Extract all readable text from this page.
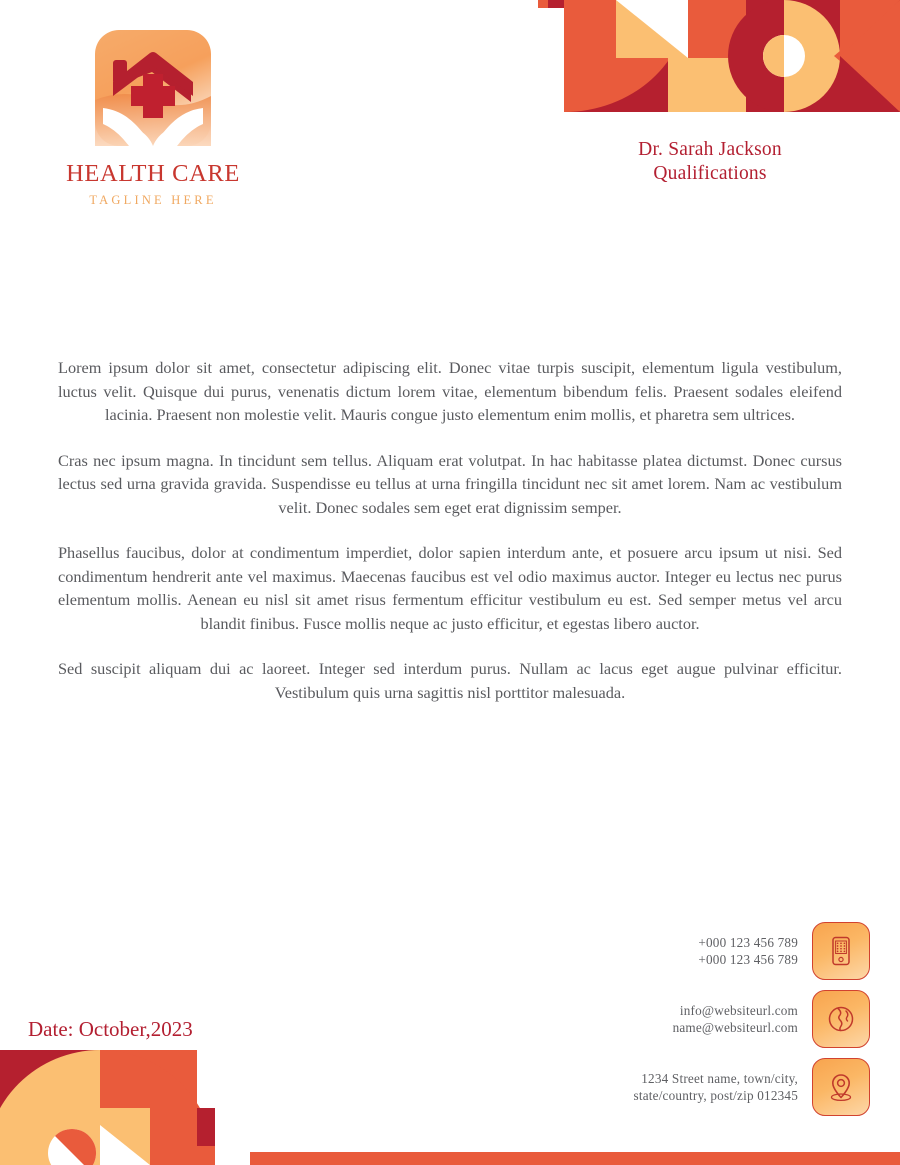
Dr. Sarah Jackson
Qualifications
HEALTH CARE
TAGLINE HERE

Lorem ipsum dolor sit amet, consectetur adipiscing elit. Donec vitae turpis suscipit, elementum ligula vestibulum, luctus velit. Quisque dui purus, venenatis dictum lorem vitae, elementum bibendum felis. Praesent sodales eleifend lacinia. Praesent non molestie velit. Mauris congue justo elementum enim mollis, et pharetra sem ultrices.

Cras nec ipsum magna. In tincidunt sem tellus. Aliquam erat volutpat. In hac habitasse platea dictumst. Donec cursus lectus sed urna gravida gravida. Suspendisse eu tellus at urna fringilla tincidunt nec sit amet lorem. Nam ac vestibulum velit. Donec sodales sem eget erat dignissim semper.

Phasellus faucibus, dolor at condimentum imperdiet, dolor sapien interdum ante, et posuere arcu ipsum ut nisi. Sed condimentum hendrerit ante vel maximus. Maecenas faucibus est vel odio maximus auctor. Integer eu lectus nec purus elementum mollis. Aenean eu nisl sit amet risus fermentum efficitur vestibulum eu est. Sed semper metus vel arcu blandit finibus. Fusce mollis neque ac justo efficitur, et egestas libero auctor.

Sed suscipit aliquam dui ac laoreet. Integer sed interdum purus. Nullam ac lacus eget augue pulvinar efficitur. Vestibulum quis urna sagittis nisl porttitor malesuada.

+000 123 456 789
+000 123 456 789
info@websiteurl.com
name@websiteurl.com
1234 Street name, town/city,
state/country, post/zip 012345
Date: October,2023
